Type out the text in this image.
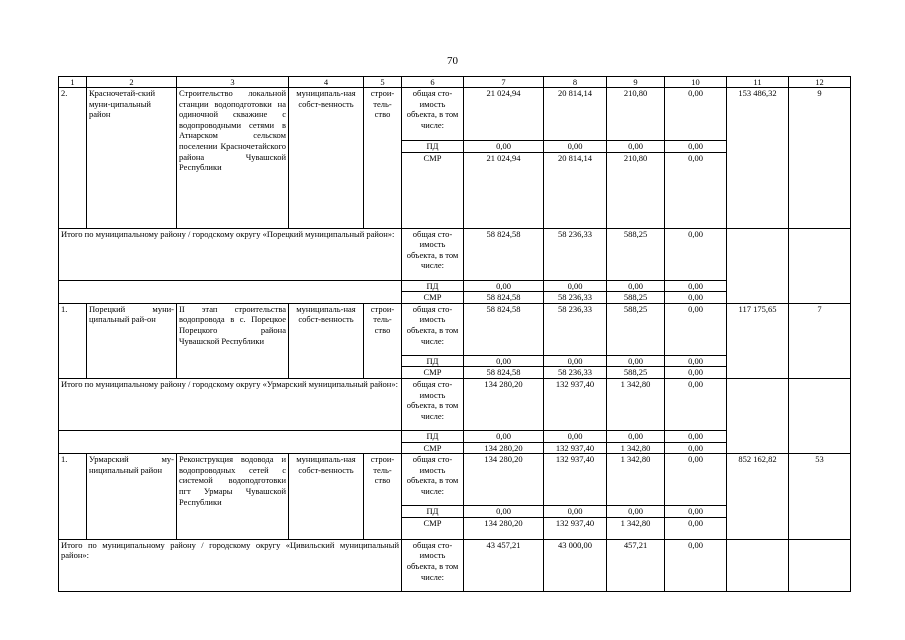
70
1	2	3	4	5	6	7	8	9	10	11	12
2.	Красночетай-ский муни-ципальный район	Строительство локальной станции водоподготовки на одиночной скважине с водопроводными сетями в Атнарском сельском поселении Красночетайского района Чувашской Республики	муниципаль-ная собст-венность	строи-тель-ство	общая сто-имость объекта, в том числе:	21 024,94	20 814,14	210,80	0,00	153 486,32	9
					ПД	0,00	0,00	0,00	0,00		
					СМР	21 024,94	20 814,14	210,80	0,00		
Итого по муниципальному району / городскому округу «Порецкий муниципальный район»:					общая сто-имость объекта, в том числе:	58 824,58	58 236,33	588,25	0,00		
					ПД	0,00	0,00	0,00	0,00		
					СМР	58 824,58	58 236,33	588,25	0,00		
1.	Порецкий муни-ципальный рай-он	II этап строительства водопровода в с. Порецкое Порецкого района Чувашской Республики	муниципаль-ная собст-венность	строи-тель-ство	общая сто-имость объекта, в том числе:	58 824,58	58 236,33	588,25	0,00	117 175,65	7
					ПД	0,00	0,00	0,00	0,00		
					СМР	58 824,58	58 236,33	588,25	0,00		
Итого по муниципальному району / городскому округу «Урмарский муниципальный район»:					общая сто-имость объекта, в том числе:	134 280,20	132 937,40	1 342,80	0,00		
					ПД	0,00	0,00	0,00	0,00		
					СМР	134 280,20	132 937,40	1 342,80	0,00		
1.	Урмарский му-ниципальный район	Реконструкция водовода и водопроводных сетей с системой водоподготовки пгт Урмары Чувашской Республики	муниципаль-ная собст-венность	строи-тель-ство	общая сто-имость объекта, в том числе:	134 280,20	132 937,40	1 342,80	0,00	852 162,82	53
					ПД	0,00	0,00	0,00	0,00		
					СМР	134 280,20	132 937,40	1 342,80	0,00		
Итого по муниципальному району / городскому округу «Цивильский муниципальный район»:					общая сто-имость объекта, в том числе:	43 457,21	43 000,00	457,21	0,00		
